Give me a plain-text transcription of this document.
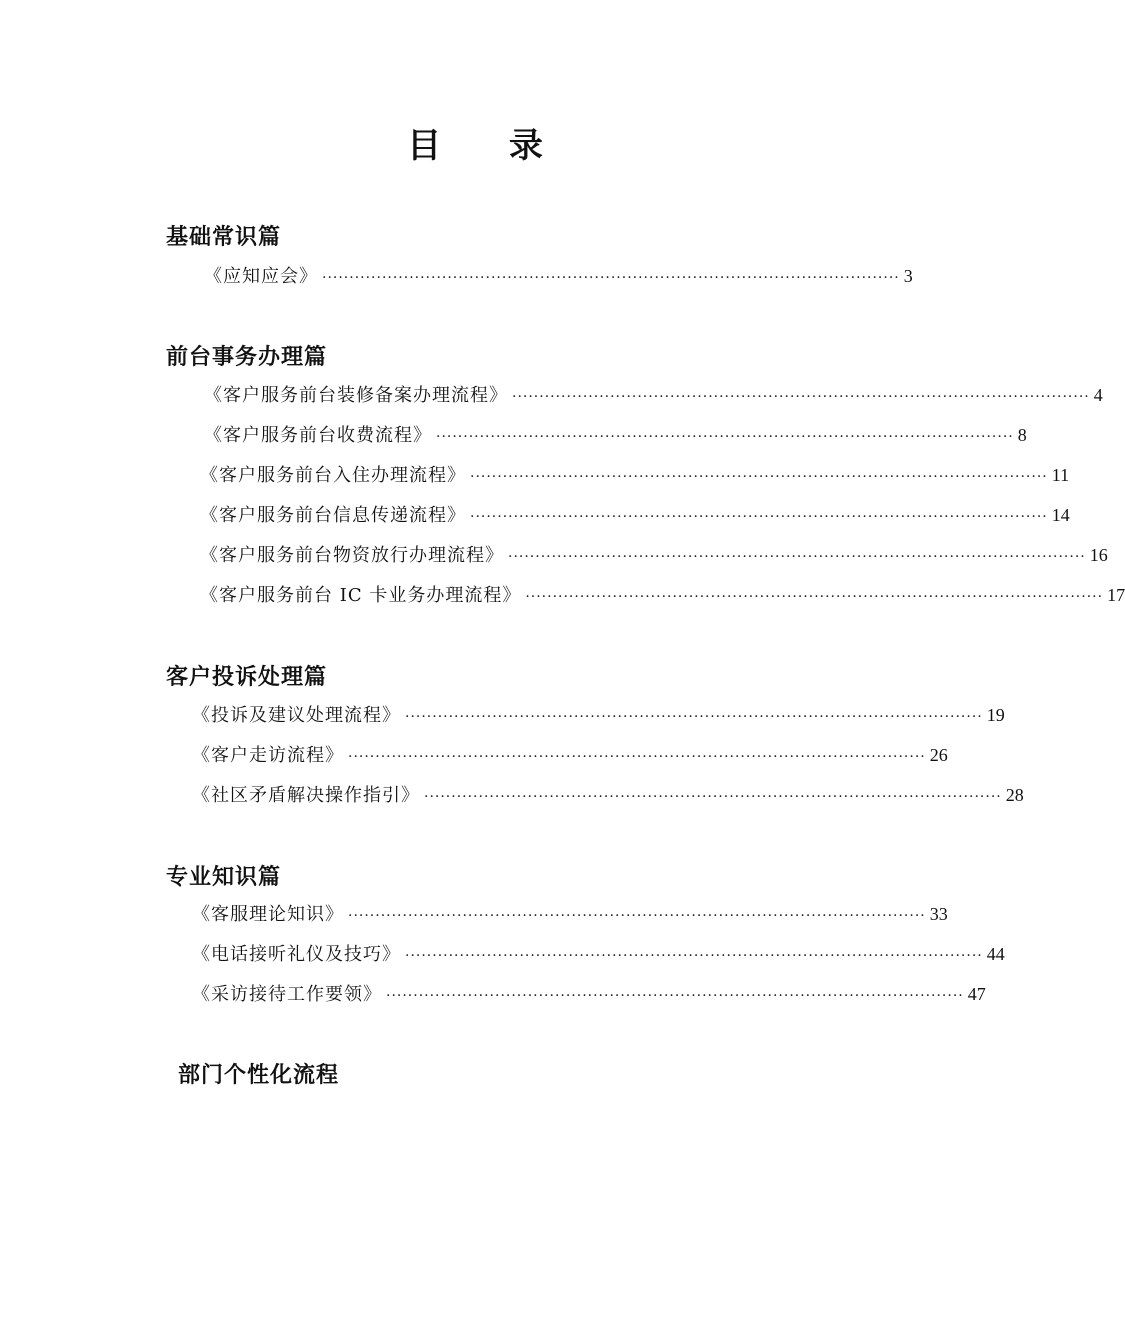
目 录
基础常识篇
《应知应会》 ·········································································································· 3
前台事务办理篇
《客户服务前台装修备案办理流程》 ·········································································································· 4
《客户服务前台收费流程》 ·········································································································· 8
《客户服务前台入住办理流程》 ·········································································································· 11
《客户服务前台信息传递流程》 ·········································································································· 14
《客户服务前台物资放行办理流程》 ·········································································································· 16
《客户服务前台 IC 卡业务办理流程》 ·········································································································· 17
客户投诉处理篇
《投诉及建议处理流程》 ·········································································································· 19
《客户走访流程》 ·········································································································· 26
《社区矛盾解决操作指引》 ·········································································································· 28
专业知识篇
《客服理论知识》 ·········································································································· 33
《电话接听礼仪及技巧》 ·········································································································· 44
《采访接待工作要领》 ·········································································································· 47
部门个性化流程
